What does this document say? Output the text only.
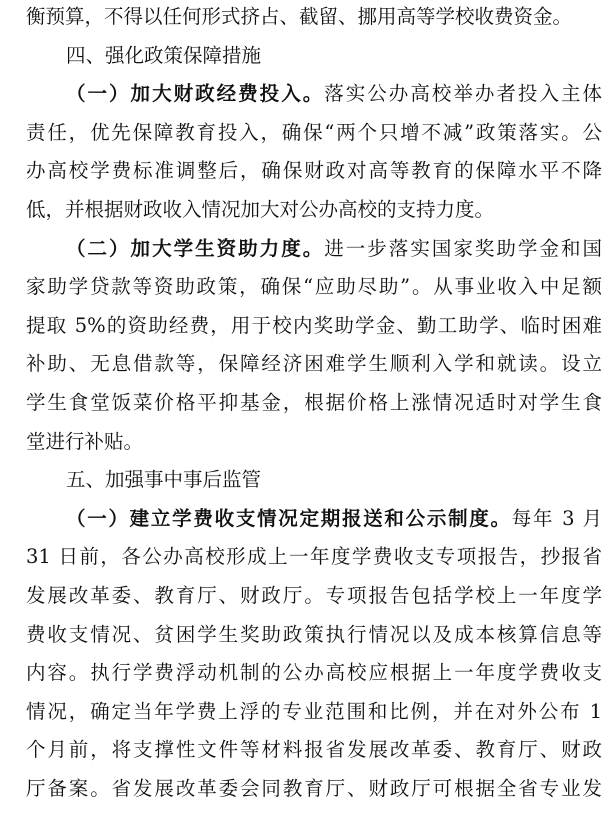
衡预算，不得以任何形式挤占、截留、挪用高等学校收费资金。
四、强化政策保障措施
（一）加大财政经费投入。落实公办高校举办者投入主体
责任，优先保障教育投入，确保“两个只增不减”政策落实。公
办高校学费标准调整后，确保财政对高等教育的保障水平不降
低，并根据财政收入情况加大对公办高校的支持力度。
（二）加大学生资助力度。进一步落实国家奖助学金和国
家助学贷款等资助政策，确保“应助尽助”。从事业收入中足额
提取 5%的资助经费，用于校内奖助学金、勤工助学、临时困难
补助、无息借款等，保障经济困难学生顺利入学和就读。设立
学生食堂饭菜价格平抑基金，根据价格上涨情况适时对学生食
堂进行补贴。
五、加强事中事后监管
（一）建立学费收支情况定期报送和公示制度。每年 3 月
31 日前，各公办高校形成上一年度学费收支专项报告，抄报省
发展改革委、教育厅、财政厅。专项报告包括学校上一年度学
费收支情况、贫困学生奖助政策执行情况以及成本核算信息等
内容。执行学费浮动机制的公办高校应根据上一年度学费收支
情况，确定当年学费上浮的专业范围和比例，并在对外公布 1
个月前，将支撑性文件等材料报省发展改革委、教育厅、财政
厅备案。省发展改革委会同教育厅、财政厅可根据全省专业发
